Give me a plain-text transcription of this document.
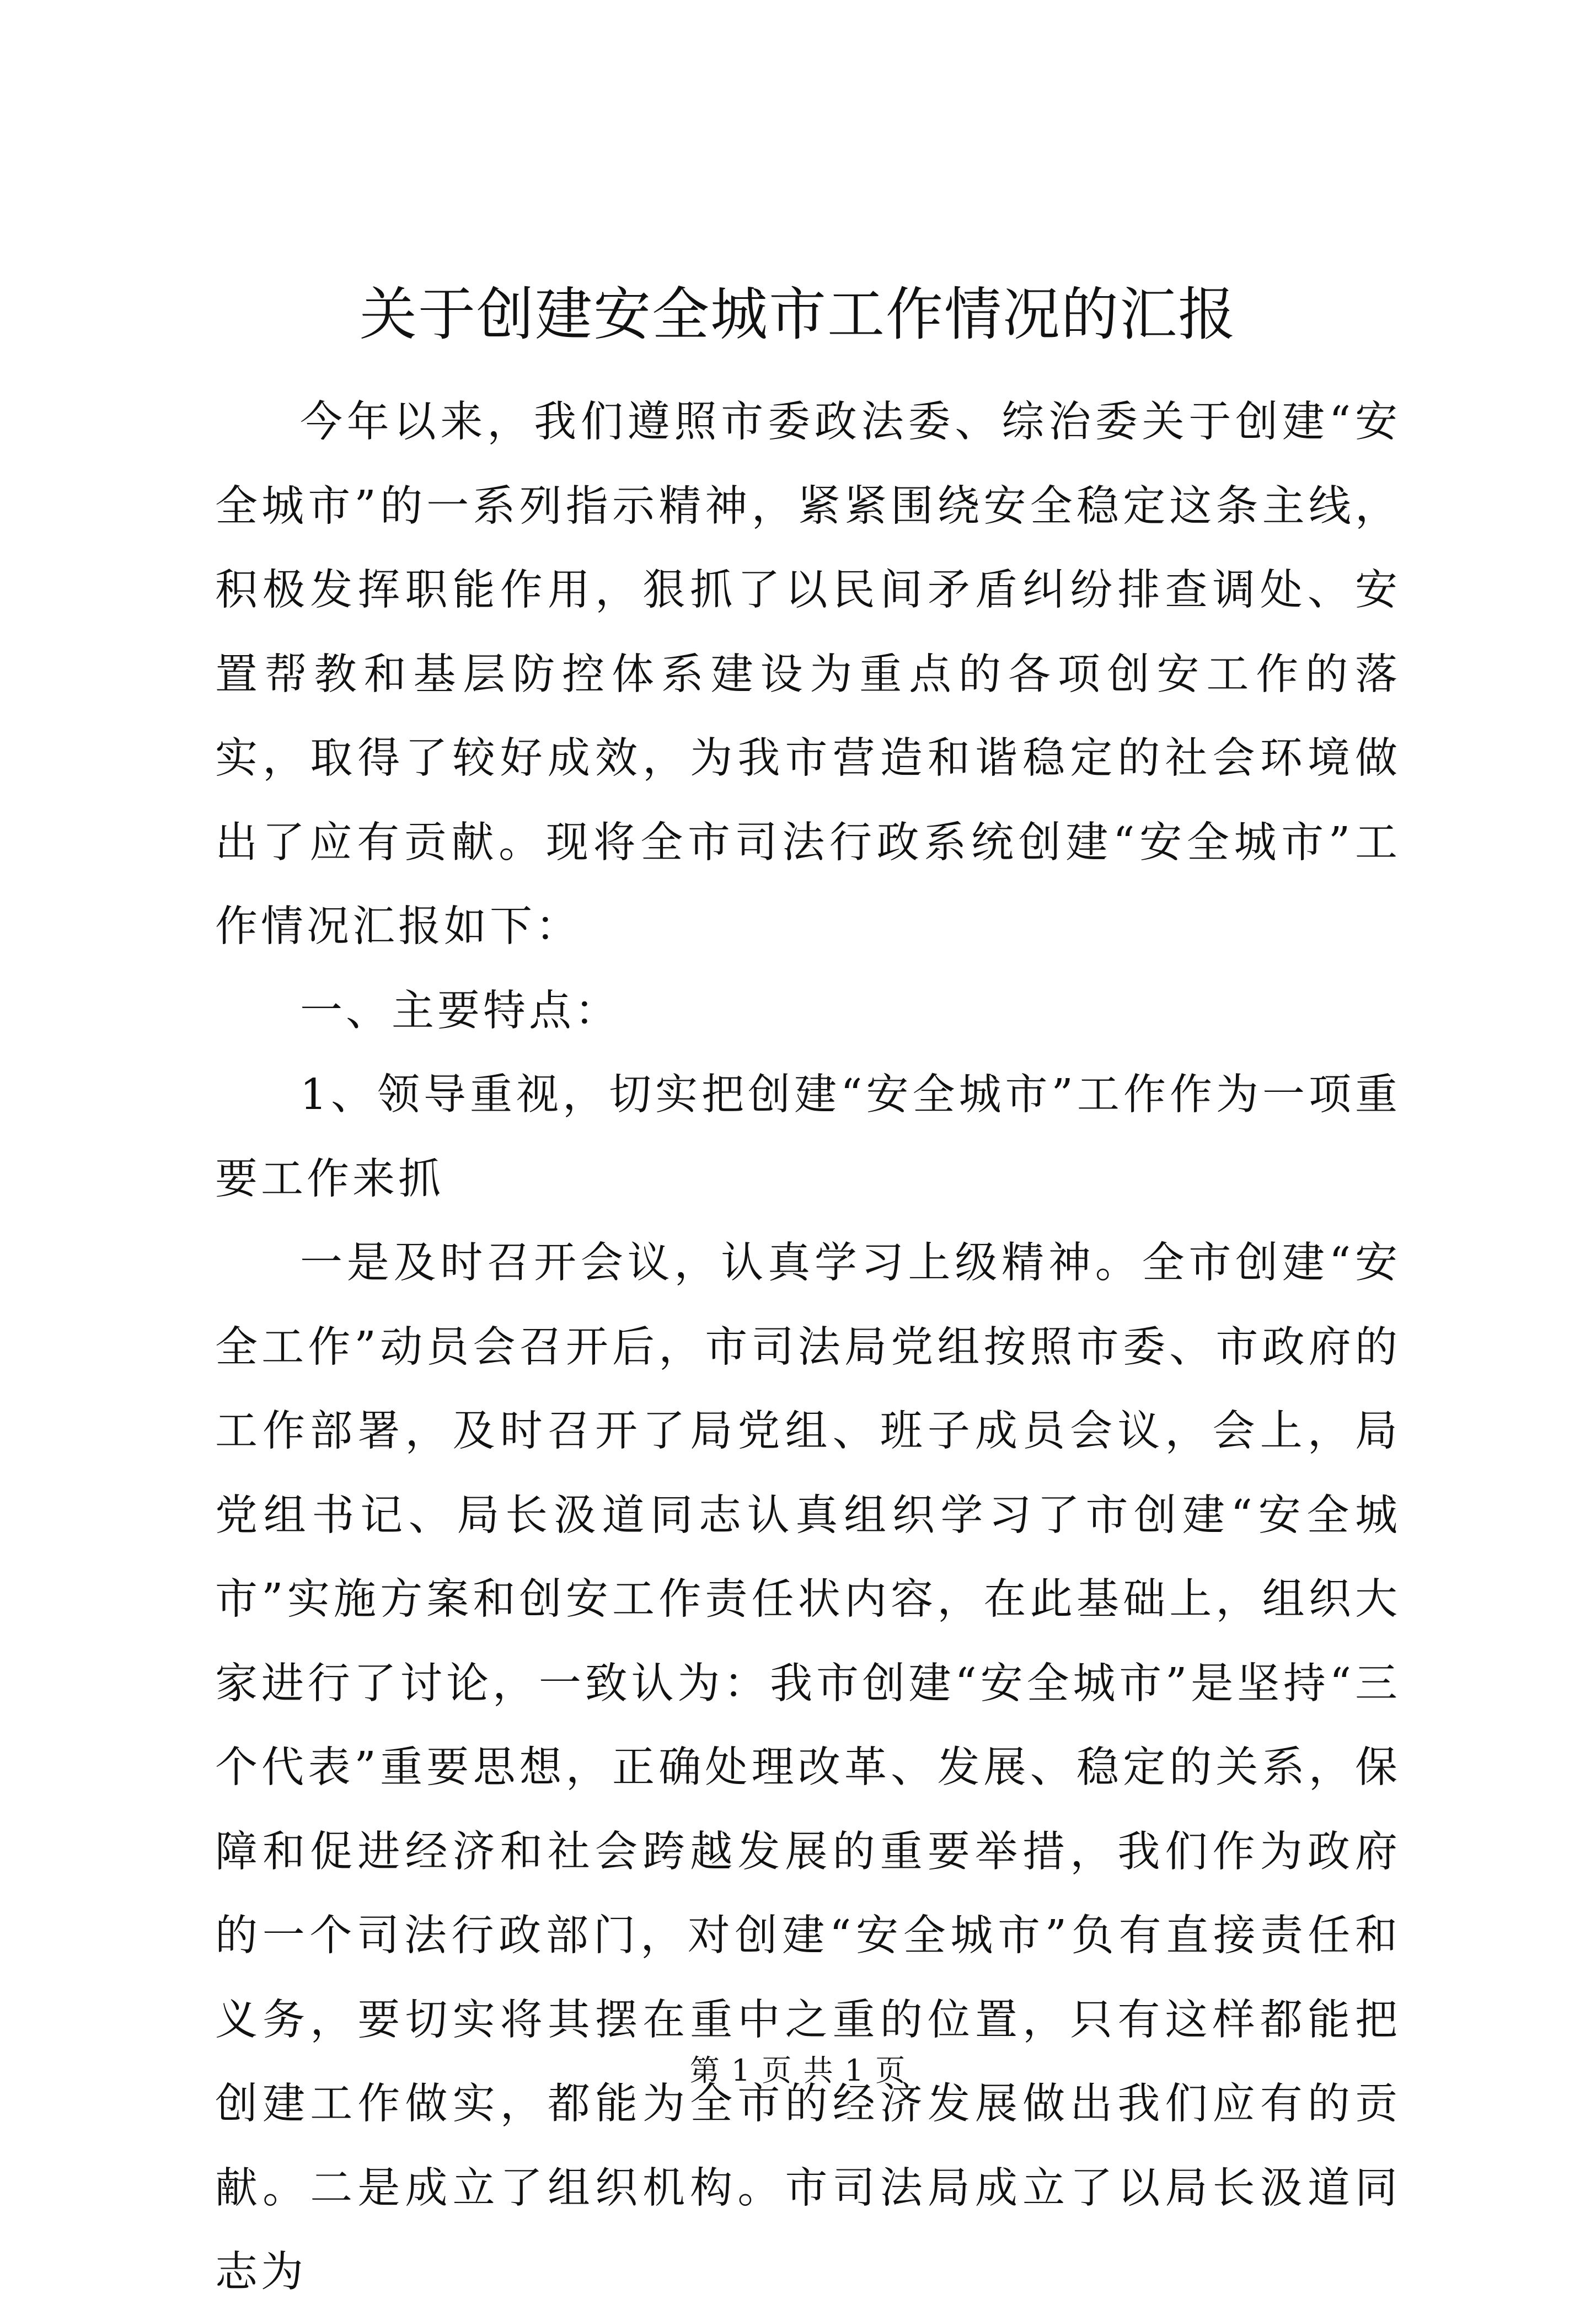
关于创建安全城市工作情况的汇报

今年以来，我们遵照市委政法委、综治委关于创建“安全城市”的一系列指示精神，紧紧围绕安全稳定这条主线，积极发挥职能作用，狠抓了以民间矛盾纠纷排查调处、安置帮教和基层防控体系建设为重点的各项创安工作的落实，取得了较好成效，为我市营造和谐稳定的社会环境做出了应有贡献。现将全市司法行政系统创建“安全城市”工作情况汇报如下：

一、主要特点：

1、领导重视，切实把创建“安全城市”工作作为一项重要工作来抓

一是及时召开会议，认真学习上级精神。全市创建“安全工作”动员会召开后，市司法局党组按照市委、市政府的工作部署，及时召开了局党组、班子成员会议，会上，局党组书记、局长汲道同志认真组织学习了市创建“安全城市”实施方案和创安工作责任状内容，在此基础上，组织大家进行了讨论，一致认为：我市创建“安全城市”是坚持“三个代表”重要思想，正确处理改革、发展、稳定的关系，保障和促进经济和社会跨越发展的重要举措，我们作为政府的一个司法行政部门，对创建“安全城市”负有直接责任和义务，要切实将其摆在重中之重的位置，只有这样都能把创建工作做实，都能为全市的经济发展做出我们应有的贡献。二是成立了组织机构。市司法局成立了以局长汲道同志为

第 1 页 共 1 页
